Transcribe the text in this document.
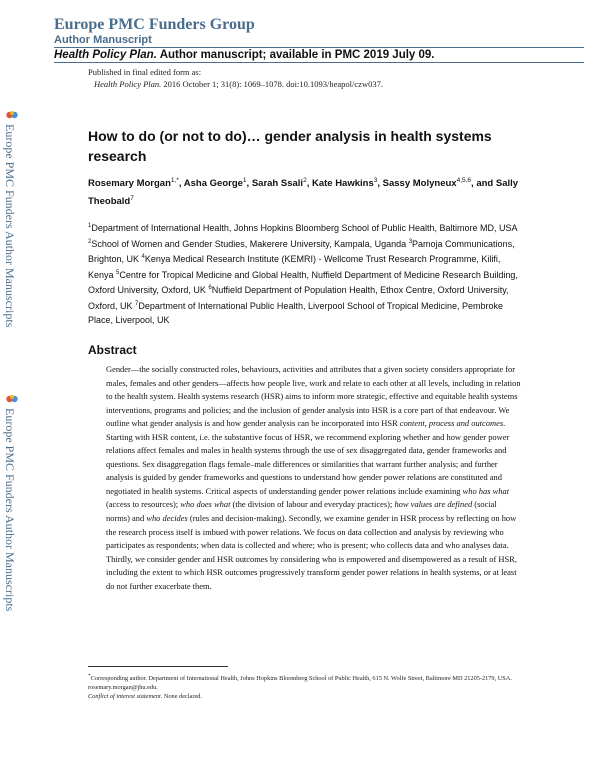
Europe PMC Funders Group
Author Manuscript
Health Policy Plan. Author manuscript; available in PMC 2019 July 09.
Published in final edited form as:
Health Policy Plan. 2016 October 1; 31(8): 1069–1078. doi:10.1093/heapol/czw037.
Europe PMC Funders Author Manuscripts
Europe PMC Funders Author Manuscripts
How to do (or not to do)… gender analysis in health systems research
Rosemary Morgan$^{1,*}$, Asha George$^1$, Sarah Ssali$^2$, Kate Hawkins$^3$, Sassy Molyneux$^{4,5,6}$, and Sally Theobald$^7$
$^1$Department of International Health, Johns Hopkins Bloomberg School of Public Health, Baltimore MD, USA $^2$School of Women and Gender Studies, Makerere University, Kampala, Uganda $^3$Pamoja Communications, Brighton, UK $^4$Kenya Medical Research Institute (KEMRI) - Wellcome Trust Research Programme, Kilifi, Kenya $^5$Centre for Tropical Medicine and Global Health, Nuffield Department of Medicine Research Building, Oxford University, Oxford, UK $^6$Nuffield Department of Population Health, Ethox Centre, Oxford University, Oxford, UK $^7$Department of International Public Health, Liverpool School of Tropical Medicine, Pembroke Place, Liverpool, UK
Abstract

Gender—the socially constructed roles, behaviours, activities and attributes that a given society considers appropriate for males, females and other genders—affects how people live, work and relate to each other at all levels, including in relation to the health system. Health systems research (HSR) aims to inform more strategic, effective and equitable health systems interventions, programs and policies; and the inclusion of gender analysis into HSR is a core part of that endeavour. We outline what gender analysis is and how gender analysis can be incorporated into HSR content, process and outcomes. Starting with HSR content, i.e. the substantive focus of HSR, we recommend exploring whether and how gender power relations affect females and males in health systems through the use of sex disaggregated data, gender frameworks and questions. Sex disaggregation flags female–male differences or similarities that warrant further analysis; and further analysis is guided by gender frameworks and questions to understand how gender power relations are constituted and negotiated in health systems. Critical aspects of understanding gender power relations include examining who has what (access to resources); who does what (the division of labour and everyday practices); how values are defined (social norms) and who decides (rules and decision-making). Secondly, we examine gender in HSR process by reflecting on how the research process itself is imbued with power relations. We focus on data collection and analysis by reviewing who participates as respondents; when data is collected and where; who is present; who collects data and who analyses data. Thirdly, we consider gender and HSR outcomes by considering who is empowered and disempowered as a result of HSR, including the extent to which HSR outcomes progressively transform gender power relations in health systems, or at least do not further exacerbate them.

*Corresponding author. Department of International Health, Johns Hopkins Bloomberg School of Public Health, 615 N. Wolfe Street, Baltimore MD 21205-2179, USA. rosemary.morgan@jhu.edu.

Conflict of interest statement. None declared.
